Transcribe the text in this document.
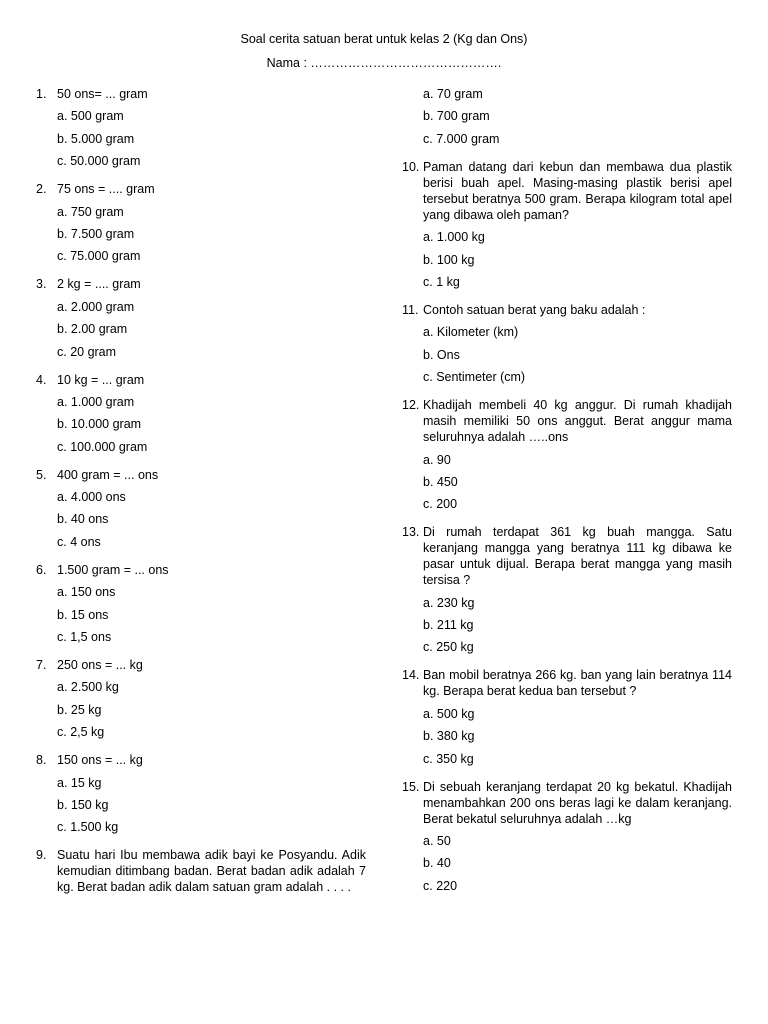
Soal cerita satuan berat untuk kelas 2 (Kg dan Ons)
Nama : ……………………………………….
1. 50 ons= ... gram
a. 500 gram
b. 5.000 gram
c. 50.000 gram
2. 75 ons = .... gram
a. 750 gram
b. 7.500 gram
c. 75.000 gram
3. 2 kg = .... gram
a. 2.000 gram
b. 2.00 gram
c. 20 gram
4. 10 kg = ... gram
a. 1.000 gram
b. 10.000 gram
c. 100.000 gram
5. 400 gram = ... ons
a. 4.000 ons
b. 40 ons
c. 4 ons
6. 1.500 gram = ... ons
a. 150 ons
b. 15 ons
c. 1,5 ons
7. 250 ons = ... kg
a. 2.500 kg
b. 25 kg
c. 2,5 kg
8. 150 ons = ... kg
a. 15 kg
b. 150 kg
c. 1.500 kg
9. Suatu hari Ibu membawa adik bayi ke Posyandu. Adik kemudian ditimbang badan. Berat badan adik adalah 7 kg. Berat badan adik dalam satuan gram adalah . . . .
a. 70 gram
b. 700 gram
c. 7.000 gram
10. Paman datang dari kebun dan membawa dua plastik berisi buah apel. Masing-masing plastik berisi apel tersebut beratnya 500 gram. Berapa kilogram total apel yang dibawa oleh paman?
a. 1.000 kg
b. 100 kg
c. 1 kg
11. Contoh satuan berat yang baku adalah :
a. Kilometer (km)
b. Ons
c. Sentimeter (cm)
12. Khadijah membeli 40 kg anggur. Di rumah khadijah masih memiliki 50 ons anggut. Berat anggur mama seluruhnya adalah …..ons
a. 90
b. 450
c. 200
13. Di rumah terdapat 361 kg buah mangga. Satu keranjang mangga yang beratnya 111 kg dibawa ke pasar untuk dijual. Berapa berat mangga yang masih tersisa ?
a. 230 kg
b. 211 kg
c. 250 kg
14. Ban mobil beratnya 266 kg. ban yang lain beratnya 114 kg. Berapa berat kedua ban tersebut ?
a. 500 kg
b. 380 kg
c. 350 kg
15. Di sebuah keranjang terdapat 20 kg bekatul. Khadijah menambahkan 200 ons beras lagi ke dalam keranjang. Berat bekatul seluruhnya adalah …kg
a. 50
b. 40
c. 220
